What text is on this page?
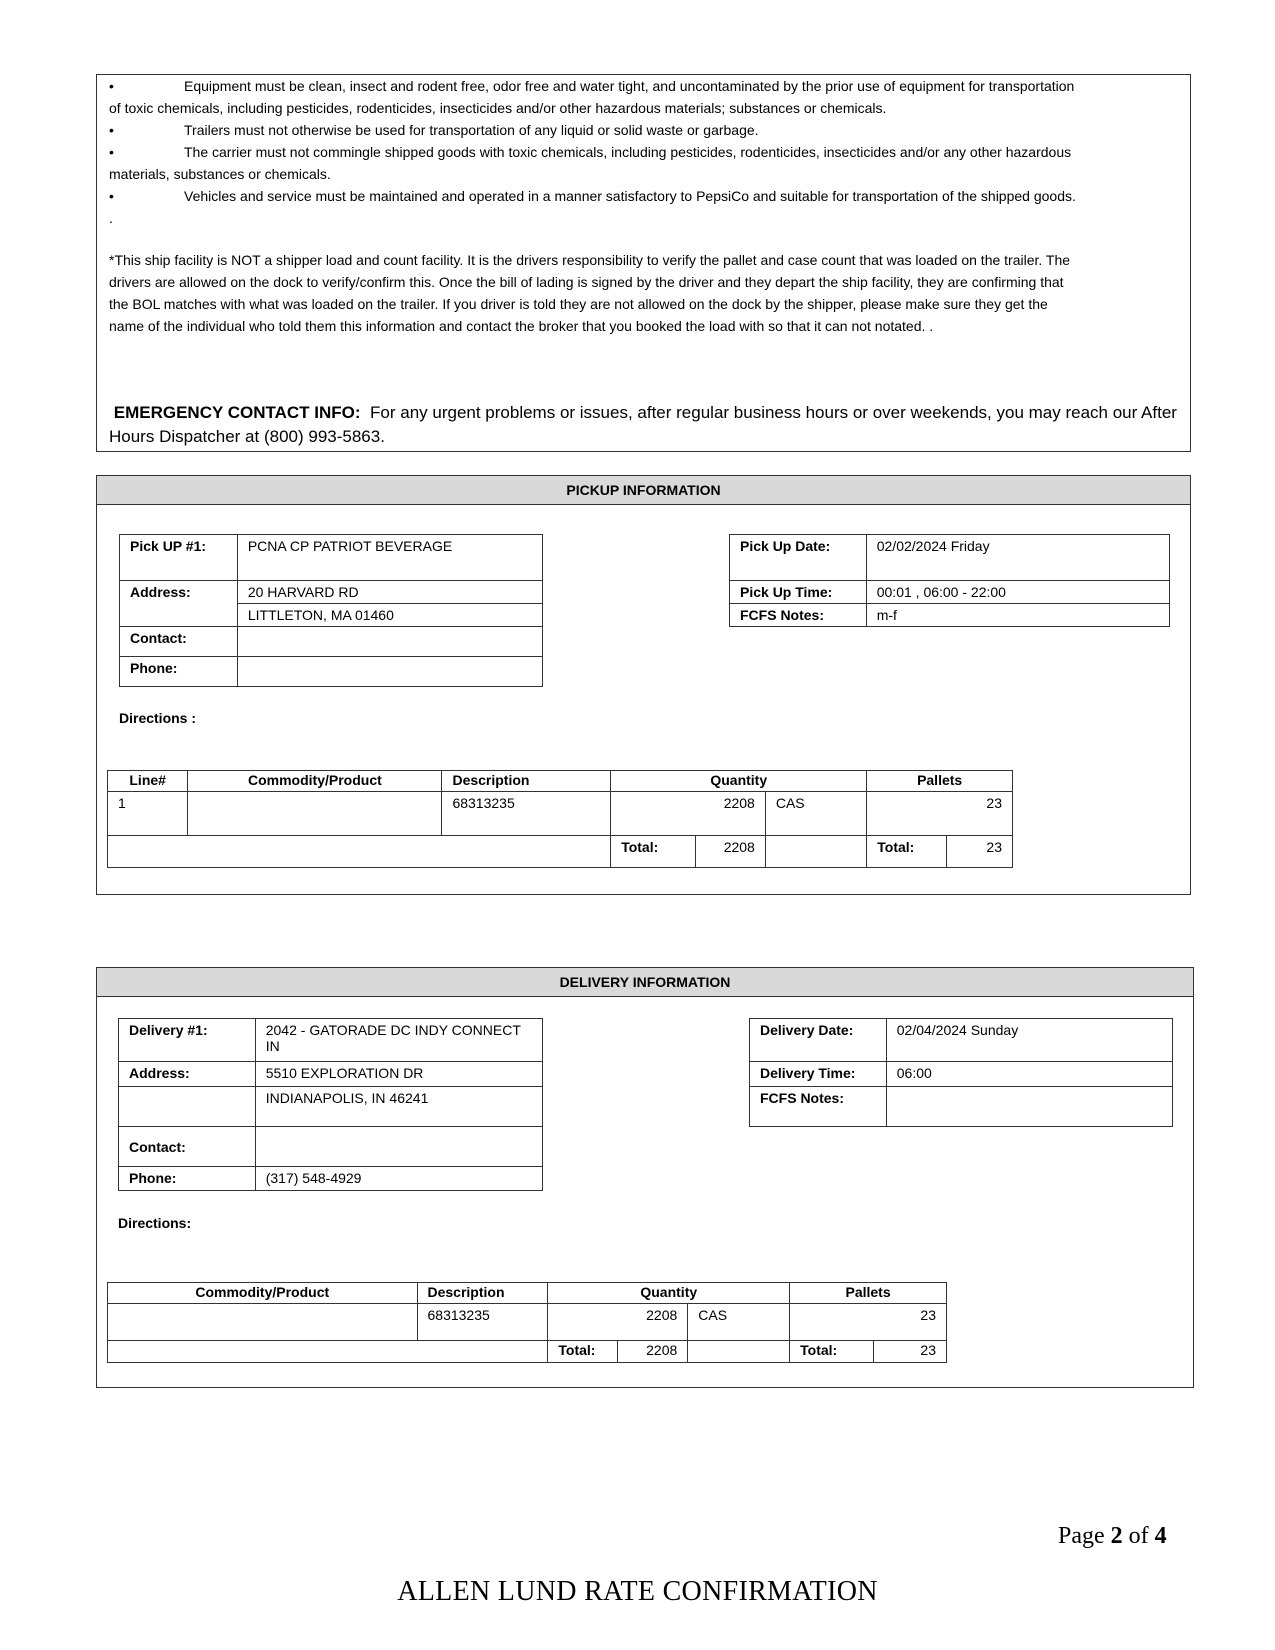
•	Equipment must be clean, insect and rodent free, odor free and water tight, and uncontaminated by the prior use of equipment for transportation
of toxic chemicals, including pesticides, rodenticides, insecticides and/or other hazardous materials; substances or chemicals.
•	Trailers must not otherwise be used for transportation of any liquid or solid waste or garbage.
•	The carrier must not commingle shipped goods with toxic chemicals, including pesticides, rodenticides, insecticides and/or any other hazardous
materials, substances or chemicals.
•	Vehicles and service must be maintained and operated in a manner satisfactory to PepsiCo and suitable for transportation of the shipped goods.
.
*This ship facility is NOT a shipper load and count facility. It is the drivers responsibility to verify the pallet and case count that was loaded on the trailer. The
drivers are allowed on the dock to verify/confirm this. Once the bill of lading is signed by the driver and they depart the ship facility, they are confirming that
the BOL matches with what was loaded on the trailer. If you driver is told they are not allowed on the dock by the shipper, please make sure they get the
name of the individual who told them this information and contact the broker that you booked the load with so that it can not notated. .
EMERGENCY CONTACT INFO: For any urgent problems or issues, after regular business hours or over weekends, you may reach our After
Hours Dispatcher at (800) 993-5863.
PICKUP INFORMATION
Pick UP #1:	PCNA CP PATRIOT BEVERAGE
Address:	20 HARVARD RD
	LITTLETON, MA 01460
Contact:	
Phone:	
Pick Up Date:	02/02/2024 Friday
Pick Up Time:	00:01 , 06:00 - 22:00
FCFS Notes:	m-f
Directions :
Line#	Commodity/Product	Description	Quantity			Pallets	
1		68313235	2208		CAS	23	
			Total:	2208		Total:	23
DELIVERY INFORMATION
Delivery #1:	2042 - GATORADE DC INDY CONNECT
IN

Address:	5510 EXPLORATION DR
	INDIANAPOLIS, IN 46241
Contact:	
Phone:	(317) 548-4929
Delivery Date:	02/04/2024 Sunday
Delivery Time:	06:00
FCFS Notes:	
Directions:
Commodity/Product	Description	Quantity			Pallets	
	68313235	2208		CAS	23	
		Total:	2208		Total:	23
Page 2 of 4
ALLEN LUND RATE CONFIRMATION
